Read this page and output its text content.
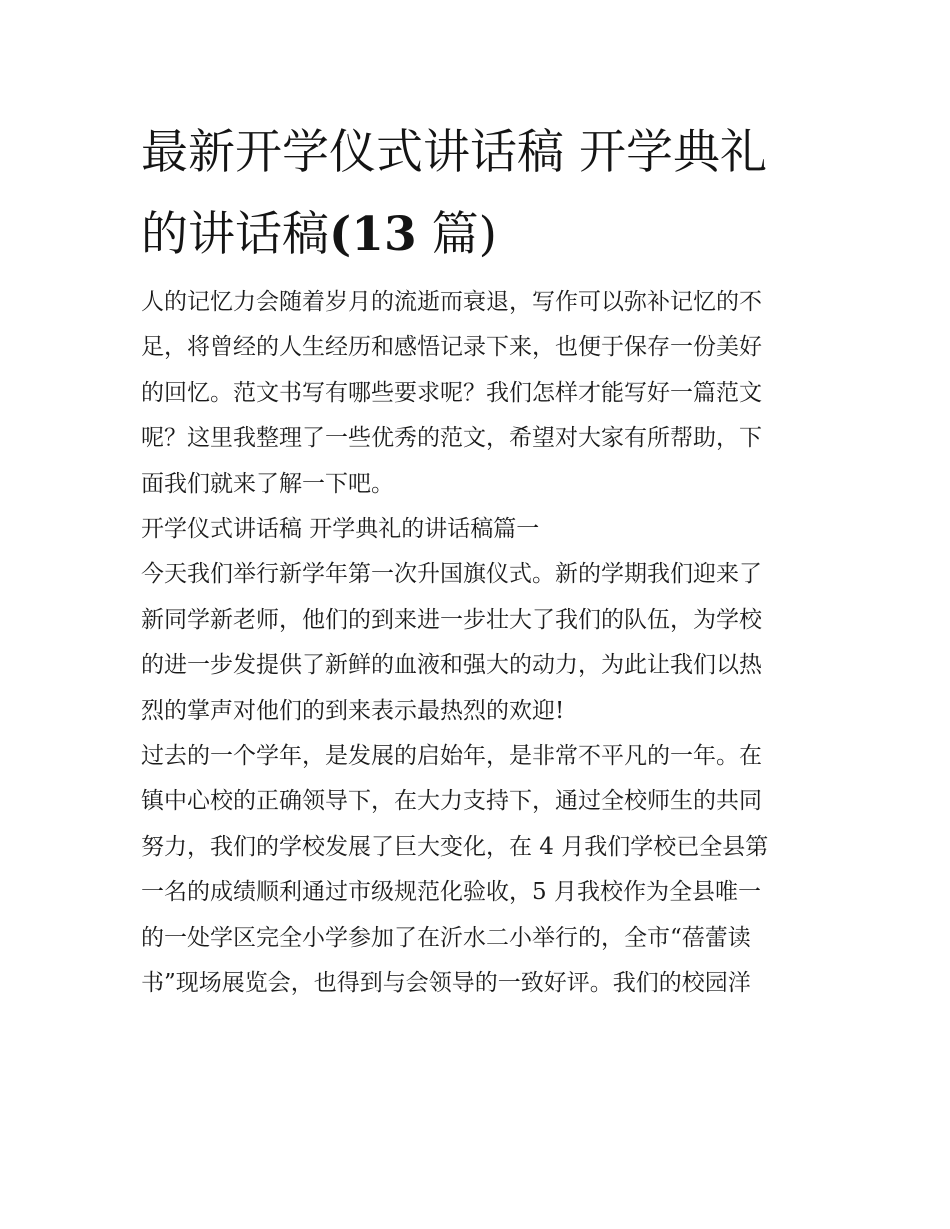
最新开学仪式讲话稿 开学典礼
的讲话稿(13 篇)

人的记忆力会随着岁月的流逝而衰退，写作可以弥补记忆的不
足，将曾经的人生经历和感悟记录下来，也便于保存一份美好
的回忆。范文书写有哪些要求呢？我们怎样才能写好一篇范文
呢？这里我整理了一些优秀的范文，希望对大家有所帮助，下
面我们就来了解一下吧。

开学仪式讲话稿 开学典礼的讲话稿篇一

今天我们举行新学年第一次升国旗仪式。新的学期我们迎来了
新同学新老师，他们的到来进一步壮大了我们的队伍，为学校
的进一步发提供了新鲜的血液和强大的动力，为此让我们以热
烈的掌声对他们的到来表示最热烈的欢迎!

过去的一个学年，是发展的启始年，是非常不平凡的一年。在
镇中心校的正确领导下，在大力支持下，通过全校师生的共同
努力，我们的学校发展了巨大变化，在 4 月我们学校已全县第
一名的成绩顺利通过市级规范化验收，5 月我校作为全县唯一
的一处学区完全小学参加了在沂水二小举行的，全市“蓓蕾读
书”现场展览会，也得到与会领导的一致好评。我们的校园洋
